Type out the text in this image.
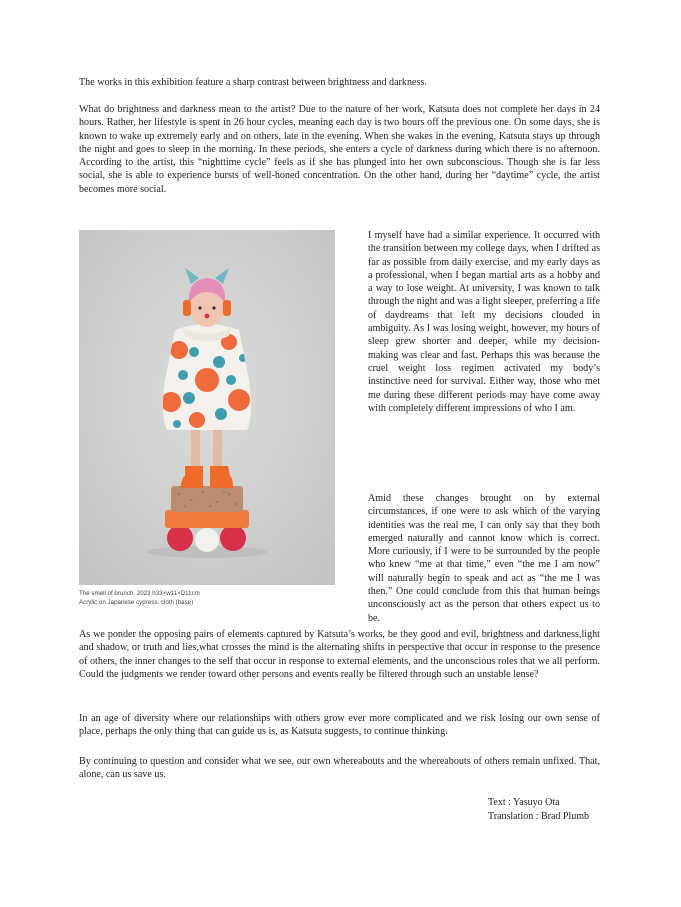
The works in this exhibition feature a sharp contrast between brightness and darkness.

What do brightness and darkness mean to the artist? Due to the nature of her work, Katsuta does not complete her days in 24 hours. Rather, her lifestyle is spent in 26 hour cycles, meaning each day is two hours off the previous one. On some days, she is known to wake up extremely early and on others, late in the evening. When she wakes in the evening, Katsuta stays up through the night and goes to sleep in the morning. In these periods, she enters a cycle of darkness during which there is no afternoon. According to the artist, this “nighttime cycle” feels as if she has plunged into her own subconscious. Though she is far less social, she is able to experience bursts of well-honed concentration. On the other hand, during her “daytime” cycle, the artist becomes more social.

The smell of brunch, 2023 h33×w11×D11cm
Acrylic on Japanese cypress, cloth (base)

I myself have had a similar experience. It occurred with the transition between my college days, when I drifted as far as possible from daily exercise, and my early days as a professional, when I began martial arts as a hobby and a way to lose weight. At university, I was known to talk through the night and was a light sleeper, preferring a life of daydreams that left my decisions clouded in ambiguity. As I was losing weight, however, my hours of sleep grew shorter and deeper, while my decision-making was clear and fast. Perhaps this was because the cruel weight loss regimen activated my body’s instinctive need for survival. Either way, those who met me during these different periods may have come away with completely different impressions of who I am.

Amid these changes brought on by external circumstances, if one were to ask which of the varying identities was the real me, I can only say that they both emerged naturally and cannot know which is correct. More curiously, if I were to be surrounded by the people who knew “me at that time,” even “the me I am now” will naturally begin to speak and act as “the me I was then.” One could conclude from this that human beings unconsciously act as the person that others expect us to be.

As we ponder the opposing pairs of elements captured by Katsuta’s works, be they good and evil, brightness and darkness,light and shadow, or truth and lies,what crosses the mind is the alternating shifts in perspective that occur in response to the presence of others, the inner changes to the self that occur in response to external elements, and the unconscious roles that we all perform. Could the judgments we render toward other persons and events really be filtered through such an unstable lense?

In an age of diversity where our relationships with others grow ever more complicated and we risk losing our own sense of place, perhaps the only thing that can guide us is, as Katsuta suggests, to continue thinking.

By continuing to question and consider what we see, our own whereabouts and the whereabouts of others remain unfixed. That, alone, can us save us.

Text : Yasuyo Ota
Translation : Brad Plumb
